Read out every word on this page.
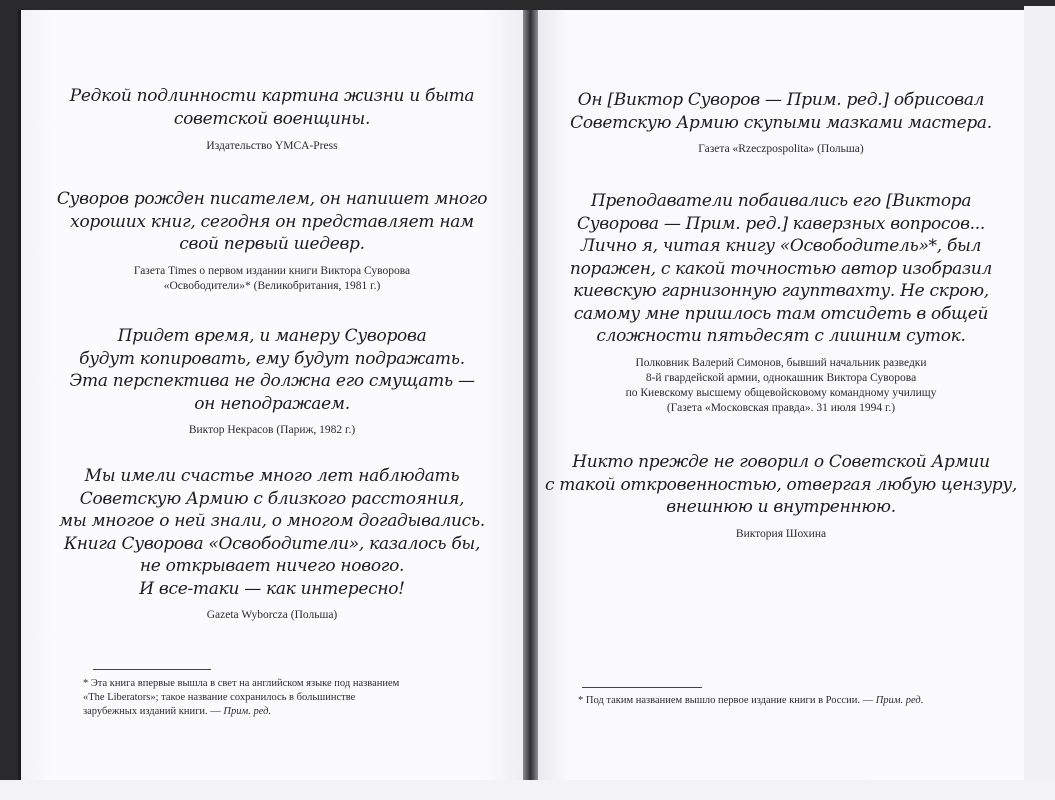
Редкой подлинности картина жизни и быта
советской военщины.

Издательство YMCA-Press

Суворов рожден писателем, он напишет много
хороших книг, сегодня он представляет нам
свой первый шедевр.

Газета Times о первом издании книги Виктора Суворова
«Освободители»* (Великобритания, 1981 г.)

Придет время, и манеру Суворова
будут копировать, ему будут подражать.
Эта перспектива не должна его смущать —
он неподражаем.

Виктор Некрасов (Париж, 1982 г.)

Мы имели счастье много лет наблюдать
Советскую Армию с близкого расстояния,
мы многое о ней знали, о многом догадывались.
Книга Суворова «Освободители», казалось бы,
не открывает ничего нового.
И все-таки — как интересно!

Gazeta Wyborcza (Польша)
* Эта книга впервые вышла в свет на английском языке под названием
«The Liberators»; такое название сохранилось в большинстве
зарубежных изданий книги. — Прим. ред.

Он [Виктор Суворов — Прим. ред.] обрисовал
Советскую Армию скупыми мазками мастера.

Газета «Rzeczpospolita» (Польша)

Преподаватели побаивались его [Виктора
Суворова — Прим. ред.] каверзных вопросов...
Лично я, читая книгу «Освободитель»*, был
поражен, с какой точностью автор изобразил
киевскую гарнизонную гауптвахту. Не скрою,
самому мне пришлось там отсидеть в общей
сложности пятьдесят с лишним суток.

Полковник Валерий Симонов, бывший начальник разведки
8-й гвардейской армии, однокашник Виктора Суворова
по Киевскому высшему общевойсковому командному училищу
(Газета «Московская правда». 31 июля 1994 г.)

Никто прежде не говорил о Советской Армии
с такой откровенностью, отвергая любую цензуру,
внешнюю и внутреннюю.

Виктория Шохина
* Под таким названием вышло первое издание книги в России. — Прим. ред.
